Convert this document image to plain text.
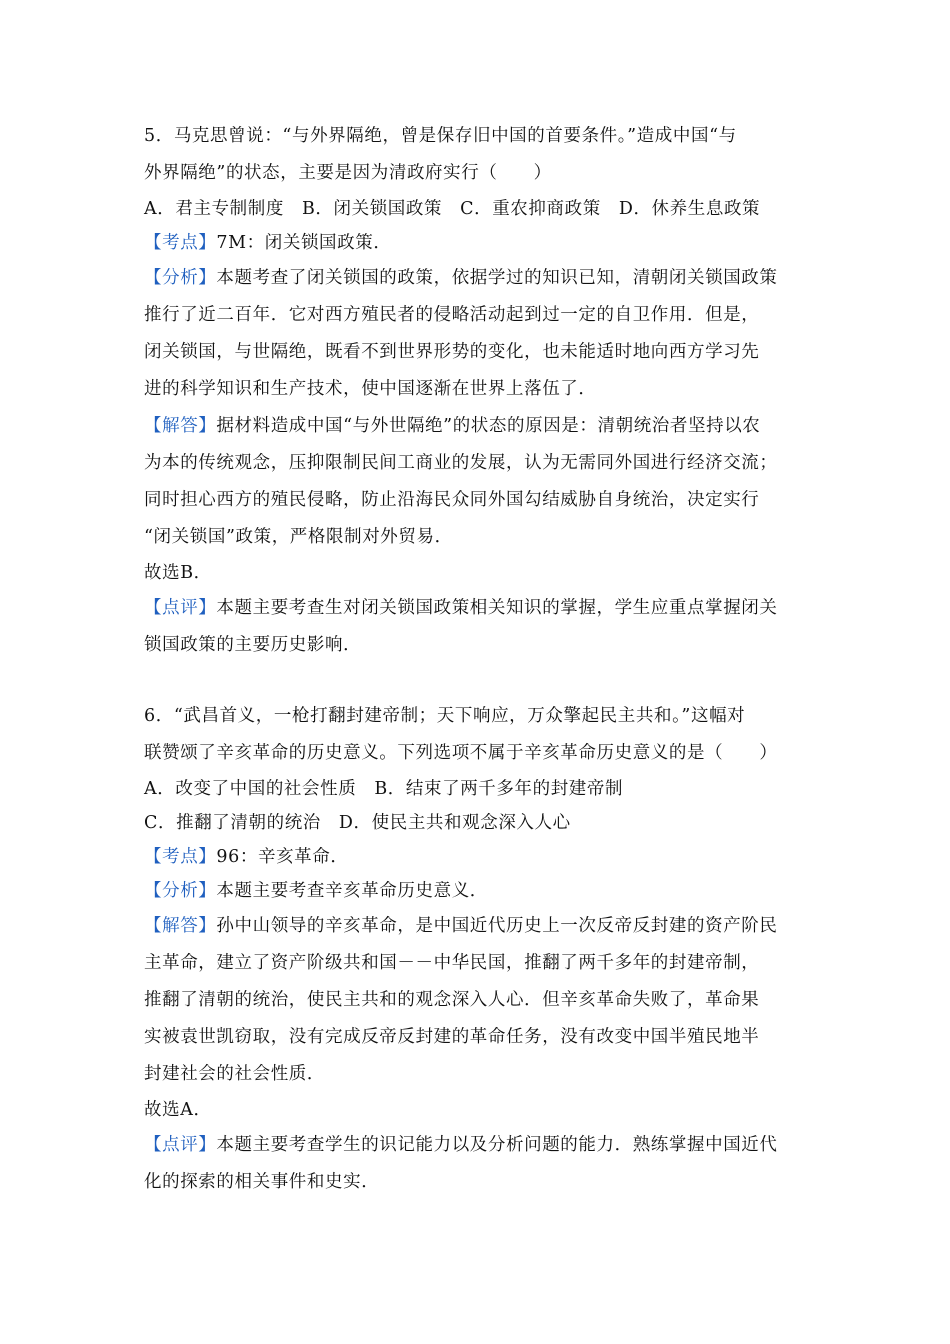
5．马克思曾说：“与外界隔绝，曾是保存旧中国的首要条件。”造成中国“与
外界隔绝”的状态，主要是因为清政府实行（　　）
A．君主专制制度 B．闭关锁国政策 C．重农抑商政策 D．休养生息政策
【考点】7M：闭关锁国政策．
【分析】本题考查了闭关锁国的政策，依据学过的知识已知，清朝闭关锁国政策
推行了近二百年．它对西方殖民者的侵略活动起到过一定的自卫作用．但是，
闭关锁国，与世隔绝，既看不到世界形势的变化，也未能适时地向西方学习先
进的科学知识和生产技术，使中国逐渐在世界上落伍了．
【解答】据材料造成中国“与外世隔绝”的状态的原因是：清朝统治者坚持以农
为本的传统观念，压抑限制民间工商业的发展，认为无需同外国进行经济交流；
同时担心西方的殖民侵略，防止沿海民众同外国勾结威胁自身统治，决定实行
“闭关锁国”政策，严格限制对外贸易．
故选B．
【点评】本题主要考查生对闭关锁国政策相关知识的掌握，学生应重点掌握闭关
锁国政策的主要历史影响．
6．“武昌首义，一枪打翻封建帝制；天下响应，万众擎起民主共和。”这幅对
联赞颂了辛亥革命的历史意义。下列选项不属于辛亥革命历史意义的是（　　）
A．改变了中国的社会性质 B．结束了两千多年的封建帝制
C．推翻了清朝的统治 D．使民主共和观念深入人心
【考点】96：辛亥革命．
【分析】本题主要考查辛亥革命历史意义．
【解答】孙中山领导的辛亥革命，是中国近代历史上一次反帝反封建的资产阶民
主革命，建立了资产阶级共和国－－中华民国，推翻了两千多年的封建帝制，
推翻了清朝的统治，使民主共和的观念深入人心．但辛亥革命失败了，革命果
实被袁世凯窃取，没有完成反帝反封建的革命任务，没有改变中国半殖民地半
封建社会的社会性质．
故选A．
【点评】本题主要考查学生的识记能力以及分析问题的能力．熟练掌握中国近代
化的探索的相关事件和史实．
